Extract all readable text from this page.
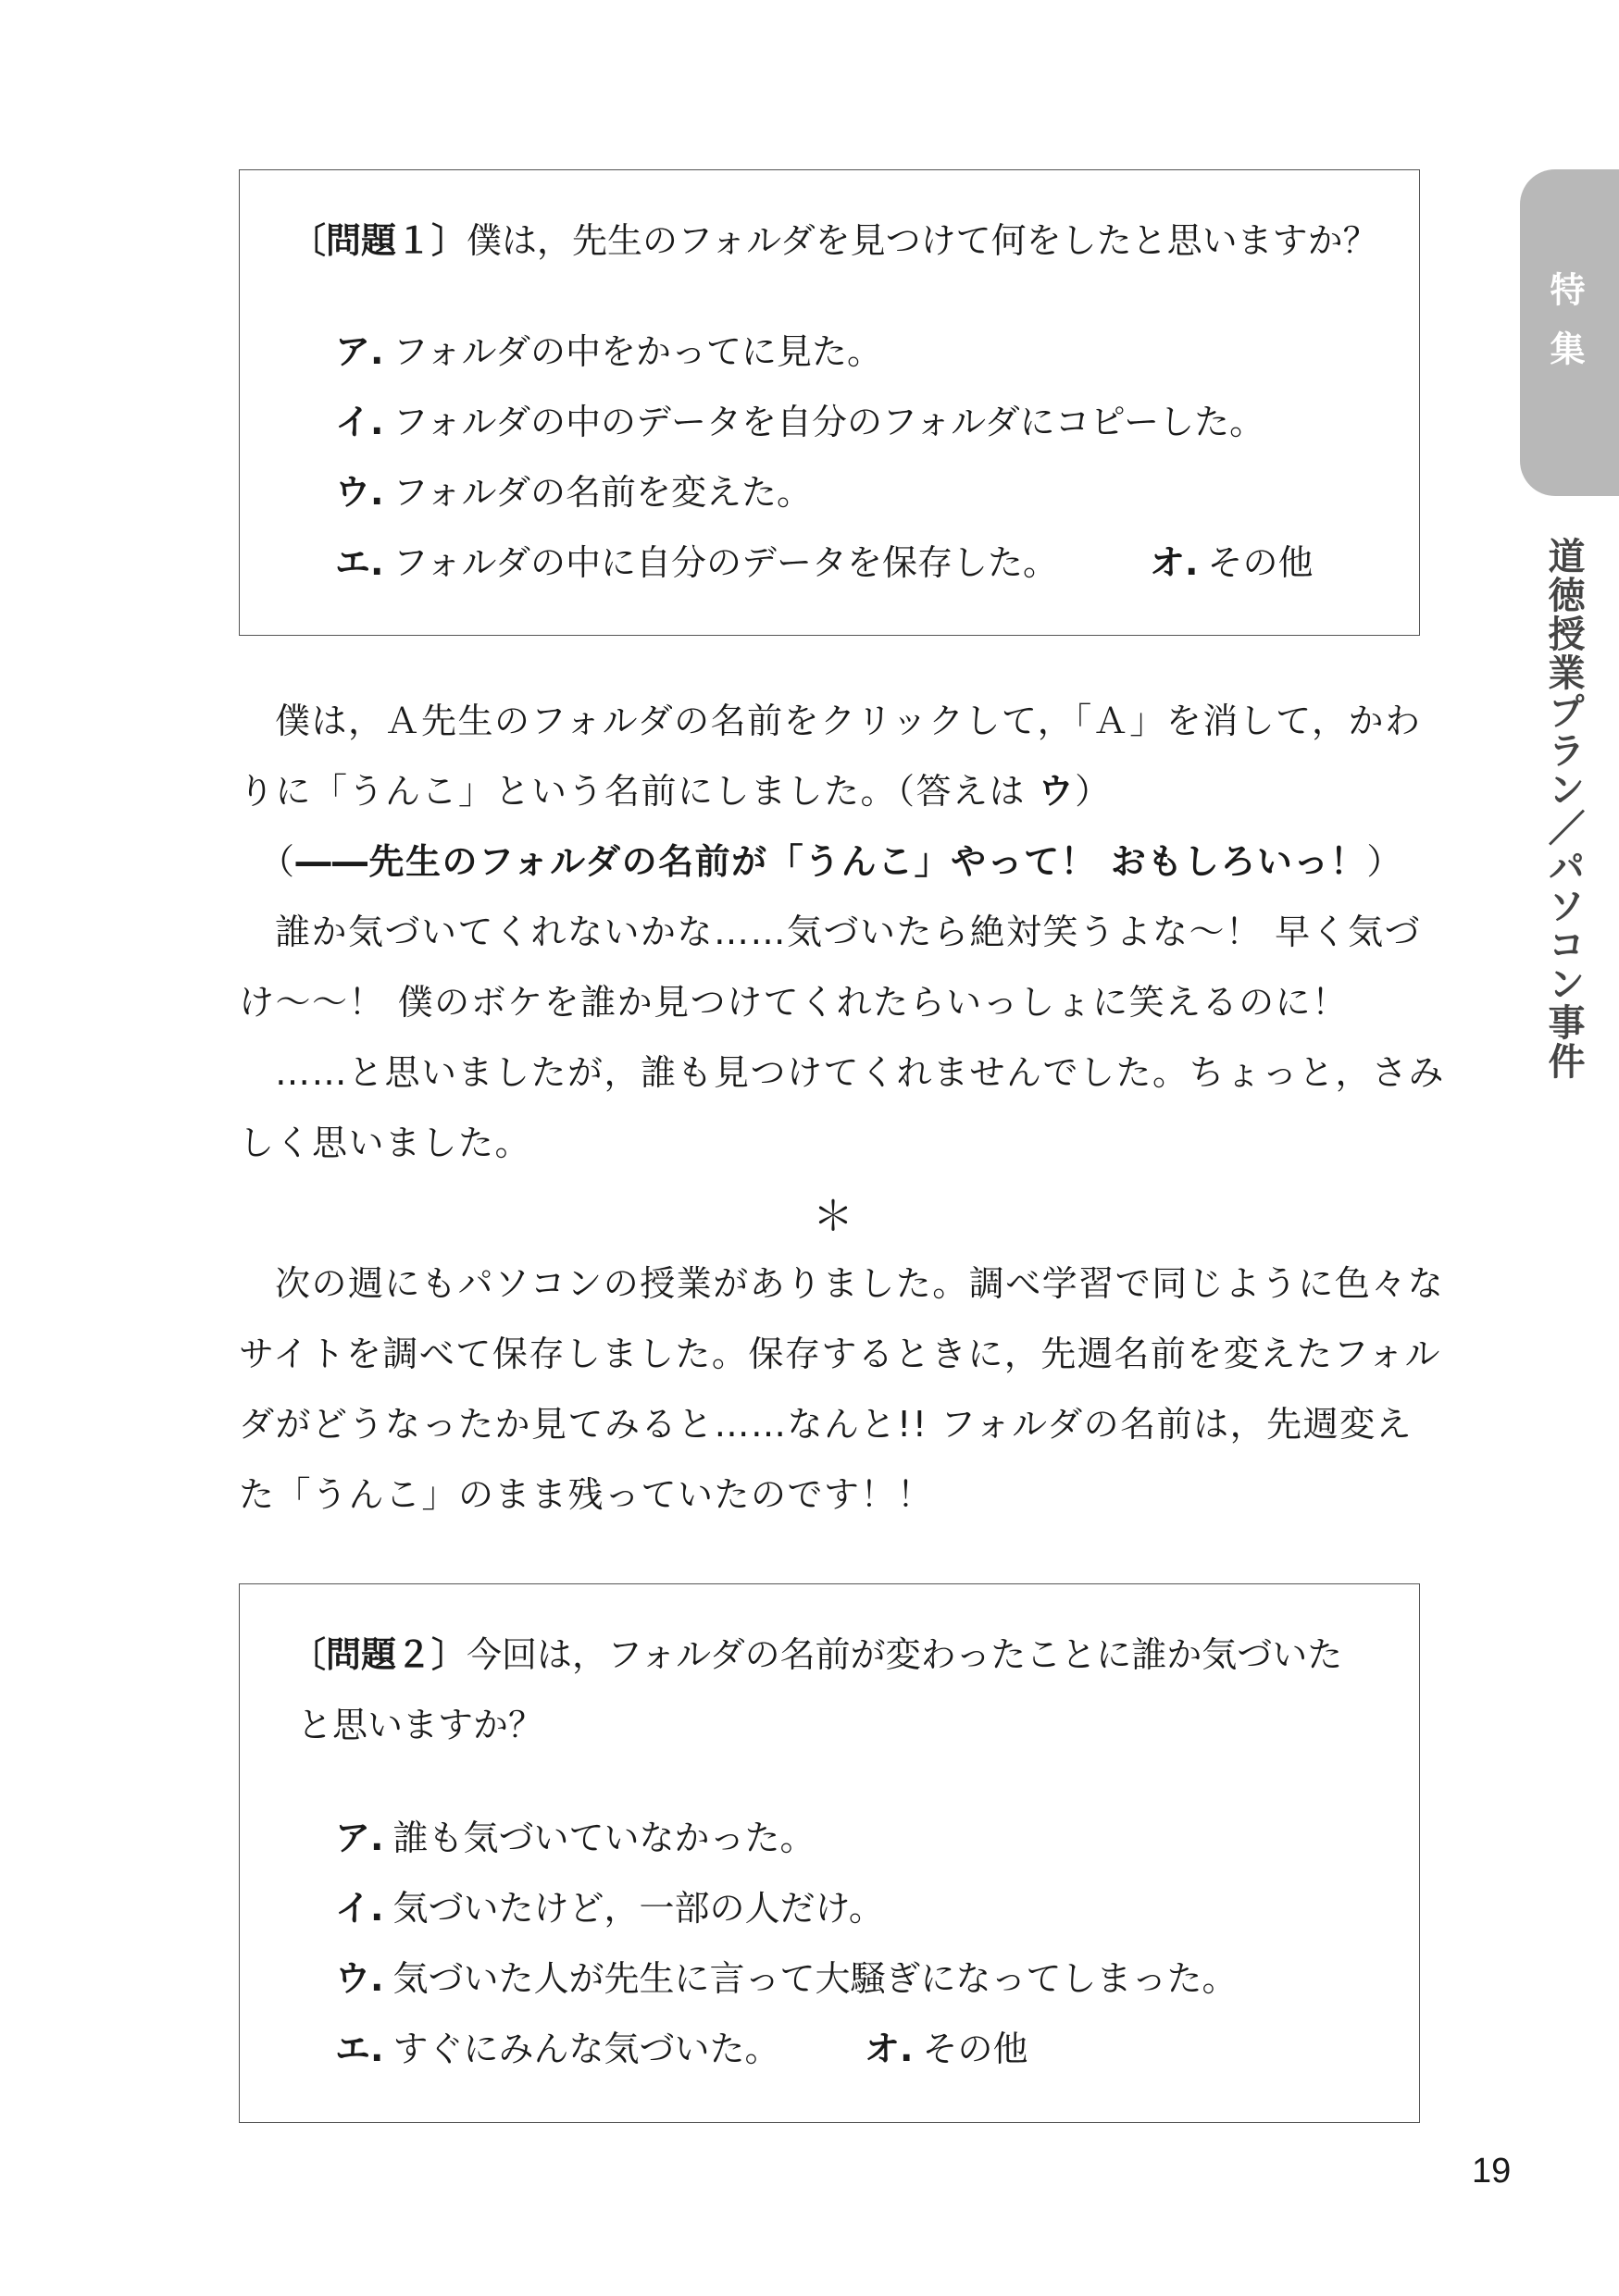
特集
道徳授業プラン／パソコン事件
〔問題１〕僕は，先生のフォルダを見つけて何をしたと思いますか？
ア. フォルダの中をかってに見た。
イ. フォルダの中のデータを自分のフォルダにコピーした。
ウ. フォルダの名前を変えた。
エ. フォルダの中に自分のデータを保存した。	オ. その他
僕は，Ａ先生のフォルダの名前をクリックして，「Ａ」を消して，かわ
りに「うんこ」という名前にしました。（答えは ウ）
（――先生のフォルダの名前が「うんこ」やって！ おもしろいっ！）
誰か気づいてくれないかな……気づいたら絶対笑うよな～！ 早く気づ
け～～！ 僕のボケを誰か見つけてくれたらいっしょに笑えるのに！
……と思いましたが，誰も見つけてくれませんでした。ちょっと，さみ
しく思いました。
＊
次の週にもパソコンの授業がありました。調べ学習で同じように色々な
サイトを調べて保存しました。保存するときに，先週名前を変えたフォル
ダがどうなったか見てみると……なんと!! フォルダの名前は，先週変え
た「うんこ」のまま残っていたのです！！
〔問題２〕今回は，フォルダの名前が変わったことに誰か気づいた
と思いますか？
ア. 誰も気づいていなかった。
イ. 気づいたけど，一部の人だけ。
ウ. 気づいた人が先生に言って大騒ぎになってしまった。
エ. すぐにみんな気づいた。 オ. その他
19
